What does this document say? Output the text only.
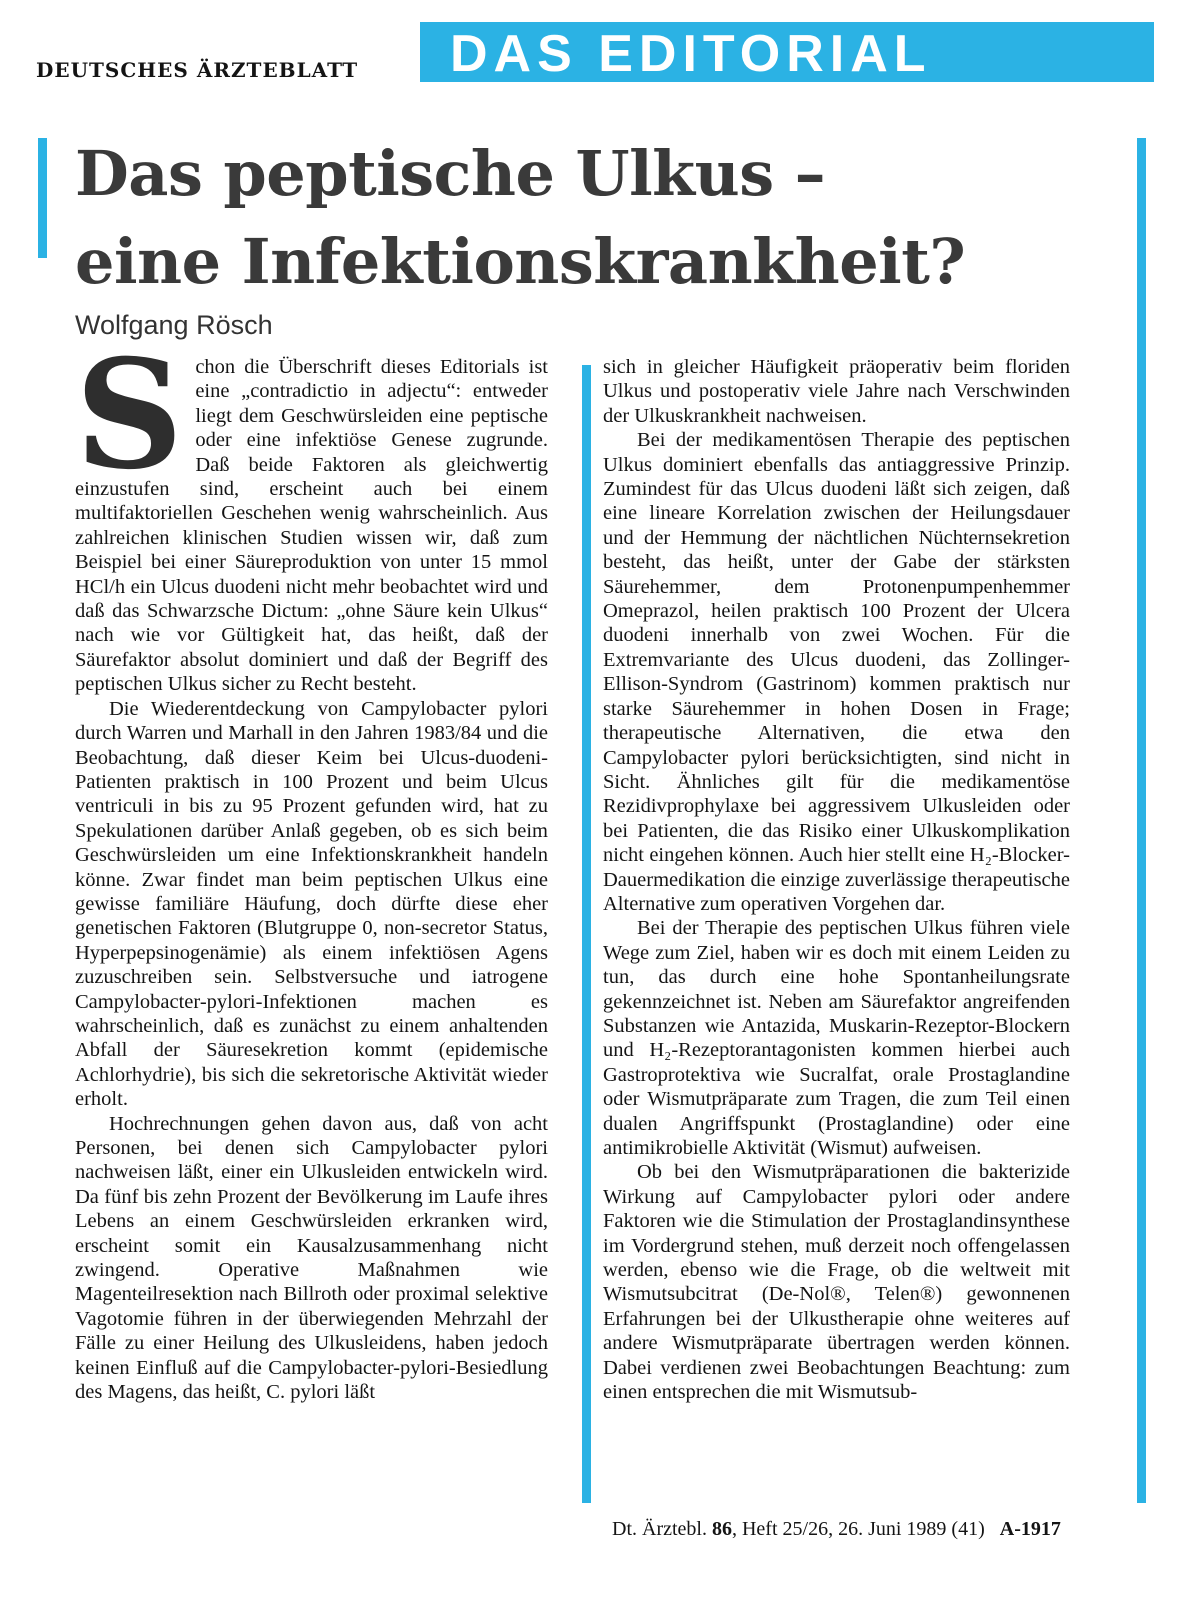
DEUTSCHES ÄRZTEBLATT DAS EDITORIAL
Das peptische Ulkus –
eine Infektionskrankheit?
Wolfgang Rösch
S chon die Überschrift dieses Editorials ist eine „contradictio in adjectu“: entweder liegt dem Geschwürsleiden eine peptische oder eine infektiöse Genese zugrunde. Daß beide Faktoren als gleichwertig einzustufen sind, erscheint auch bei einem multifaktoriellen Geschehen wenig wahrscheinlich. Aus zahlreichen klinischen Studien wissen wir, daß zum Beispiel bei einer Säureproduktion von unter 15 mmol HCl/h ein Ulcus duodeni nicht mehr beobachtet wird und daß das Schwarzsche Dictum: „ohne Säure kein Ulkus“ nach wie vor Gültigkeit hat, das heißt, daß der Säurefaktor absolut dominiert und daß der Begriff des peptischen Ulkus sicher zu Recht besteht.

Die Wiederentdeckung von Campylobacter pylori durch Warren und Marhall in den Jahren 1983/84 und die Beobachtung, daß dieser Keim bei Ulcus-duodeni-Patienten praktisch in 100 Prozent und beim Ulcus ventriculi in bis zu 95 Prozent gefunden wird, hat zu Spekulationen darüber Anlaß gegeben, ob es sich beim Geschwürsleiden um eine Infektionskrankheit handeln könne. Zwar findet man beim peptischen Ulkus eine gewisse familiäre Häufung, doch dürfte diese eher genetischen Faktoren (Blutgruppe 0, non-secretor Status, Hyperpepsinogenämie) als einem infektiösen Agens zuzuschreiben sein. Selbstversuche und iatrogene Campylobacter-pylori-Infektionen machen es wahrscheinlich, daß es zunächst zu einem anhaltenden Abfall der Säuresekretion kommt (epidemische Achlorhydrie), bis sich die sekretorische Aktivität wieder erholt.

Hochrechnungen gehen davon aus, daß von acht Personen, bei denen sich Campylobacter pylori nachweisen läßt, einer ein Ulkusleiden entwickeln wird. Da fünf bis zehn Prozent der Bevölkerung im Laufe ihres Lebens an einem Geschwürsleiden erkranken wird, erscheint somit ein Kausalzusammenhang nicht zwingend. Operative Maßnahmen wie Magenteilresektion nach Billroth oder proximal selektive Vagotomie führen in der überwiegenden Mehrzahl der Fälle zu einer Heilung des Ulkusleidens, haben jedoch keinen Einfluß auf die Campylobacter-pylori-Besiedlung des Magens, das heißt, C. pylori läßt

sich in gleicher Häufigkeit präoperativ beim floriden Ulkus und postoperativ viele Jahre nach Verschwinden der Ulkuskrankheit nachweisen.

Bei der medikamentösen Therapie des peptischen Ulkus dominiert ebenfalls das antiaggressive Prinzip. Zumindest für das Ulcus duodeni läßt sich zeigen, daß eine lineare Korrelation zwischen der Heilungsdauer und der Hemmung der nächtlichen Nüchternsekretion besteht, das heißt, unter der Gabe der stärksten Säurehemmer, dem Protonenpumpenhemmer Omeprazol, heilen praktisch 100 Prozent der Ulcera duodeni innerhalb von zwei Wochen. Für die Extremvariante des Ulcus duodeni, das Zollinger-Ellison-Syndrom (Gastrinom) kommen praktisch nur starke Säurehemmer in hohen Dosen in Frage; therapeutische Alternativen, die etwa den Campylobacter pylori berücksichtigten, sind nicht in Sicht. Ähnliches gilt für die medikamentöse Rezidivprophylaxe bei aggressivem Ulkusleiden oder bei Patienten, die das Risiko einer Ulkuskomplikation nicht eingehen können. Auch hier stellt eine H₂-Blocker-Dauermedikation die einzige zuverlässige therapeutische Alternative zum operativen Vorgehen dar.

Bei der Therapie des peptischen Ulkus führen viele Wege zum Ziel, haben wir es doch mit einem Leiden zu tun, das durch eine hohe Spontanheilungsrate gekennzeichnet ist. Neben am Säurefaktor angreifenden Substanzen wie Antazida, Muskarin-Rezeptor-Blockern und H₂-Rezeptorantagonisten kommen hierbei auch Gastroprotektiva wie Sucralfat, orale Prostaglandine oder Wismutpräparate zum Tragen, die zum Teil einen dualen Angriffspunkt (Prostaglandine) oder eine antimikrobielle Aktivität (Wismut) aufweisen.

Ob bei den Wismutpräparationen die bakterizide Wirkung auf Campylobacter pylori oder andere Faktoren wie die Stimulation der Prostaglandinsynthese im Vordergrund stehen, muß derzeit noch offengelassen werden, ebenso wie die Frage, ob die weltweit mit Wismutsubcitrat (De-Nol®, Telen®) gewonnenen Erfahrungen bei der Ulkustherapie ohne weiteres auf andere Wismutpräparate übertragen werden können. Dabei verdienen zwei Beobachtungen Beachtung: zum einen entsprechen die mit Wismutsub-

Dt. Ärztebl. 86, Heft 25/26, 26. Juni 1989 (41) A-1917
